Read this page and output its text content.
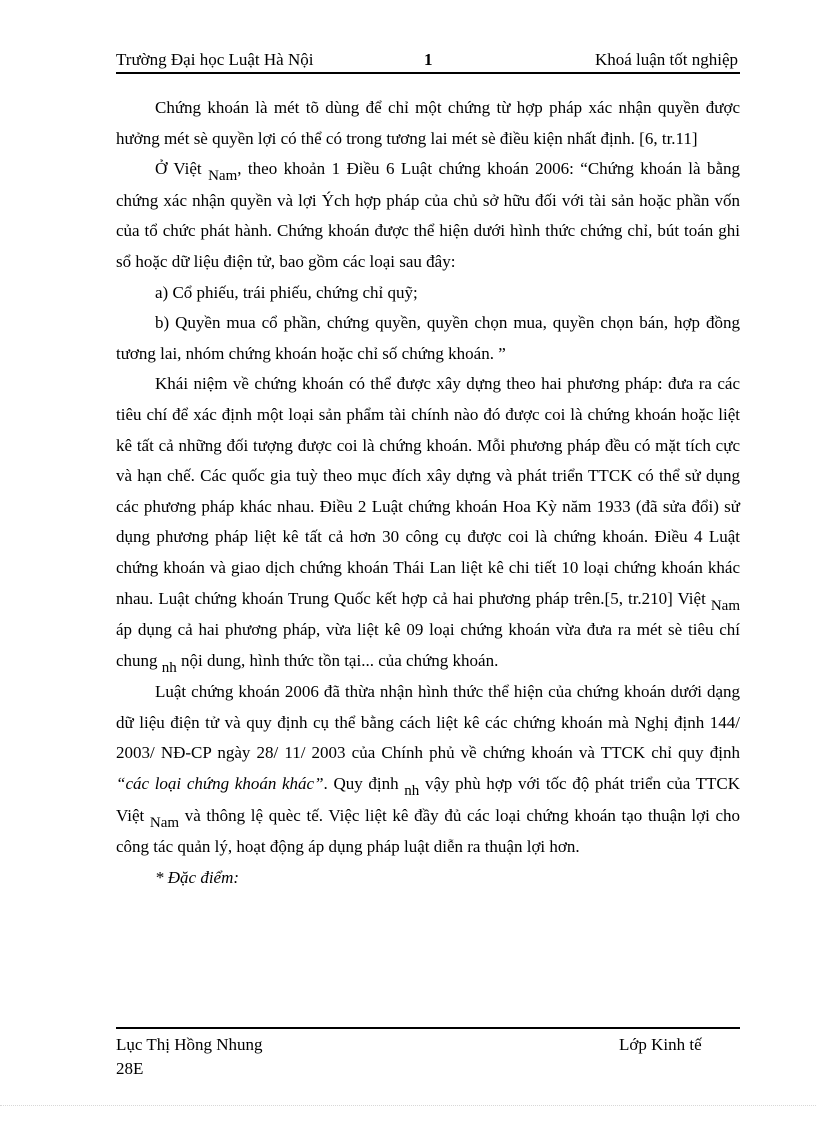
Trường Đại học Luật Hà Nội	1	Khoá luận tốt nghiệp

Chứng khoán là mét tõ dùng để chỉ một chứng từ hợp pháp xác nhận quyền được hưởng mét sè quyền lợi có thể có trong tương lai mét sè điều kiện nhất định. [6, tr.11]

Ở Việt Nam, theo khoản 1 Điều 6 Luật chứng khoán 2006: “Chứng khoán là bằng chứng xác nhận quyền và lợi Ých hợp pháp của chủ sở hữu đối với tài sản hoặc phần vốn của tổ chức phát hành. Chứng khoán được thể hiện dưới hình thức chứng chỉ, bút toán ghi sổ hoặc dữ liệu điện tử, bao gồm các loại sau đây:

a) Cổ phiếu, trái phiếu, chứng chỉ quỹ;

b) Quyền mua cổ phần, chứng quyền, quyền chọn mua, quyền chọn bán, hợp đồng tương lai, nhóm chứng khoán hoặc chỉ số chứng khoán. ”

Khái niệm về chứng khoán có thể được xây dựng theo hai phương pháp: đưa ra các tiêu chí để xác định một loại sản phẩm tài chính nào đó được coi là chứng khoán hoặc liệt kê tất cả những đối tượng được coi là chứng khoán. Mỗi phương pháp đều có mặt tích cực và hạn chế. Các quốc gia tuỳ theo mục đích xây dựng và phát triển TTCK có thể sử dụng các phương pháp khác nhau. Điều 2 Luật chứng khoán Hoa Kỳ năm 1933 (đã sửa đổi) sử dụng phương pháp liệt kê tất cả hơn 30 công cụ được coi là chứng khoán. Điều 4 Luật chứng khoán và giao dịch chứng khoán Thái Lan liệt kê chi tiết 10 loại chứng khoán khác nhau. Luật chứng khoán Trung Quốc kết hợp cả hai phương pháp trên.[5, tr.210] Việt Nam áp dụng cả hai phương pháp, vừa liệt kê 09 loại chứng khoán vừa đưa ra mét sè tiêu chí chung nh nội dung, hình thức tồn tại... của chứng khoán.

Luật chứng khoán 2006 đã thừa nhận hình thức thể hiện của chứng khoán dưới dạng dữ liệu điện tử và quy định cụ thể bằng cách liệt kê các chứng khoán mà Nghị định 144/ 2003/ NĐ-CP ngày 28/ 11/ 2003 của Chính phủ về chứng khoán và TTCK chỉ quy định “các loại chứng khoán khác”. Quy định nh vậy phù hợp với tốc độ phát triển của TTCK Việt Nam và thông lệ quèc tế. Việc liệt kê đầy đủ các loại chứng khoán tạo thuận lợi cho công tác quản lý, hoạt động áp dụng pháp luật diễn ra thuận lợi hơn.

* Đặc điểm:

Lục Thị Hồng Nhung	Lớp Kinh tế
28E
